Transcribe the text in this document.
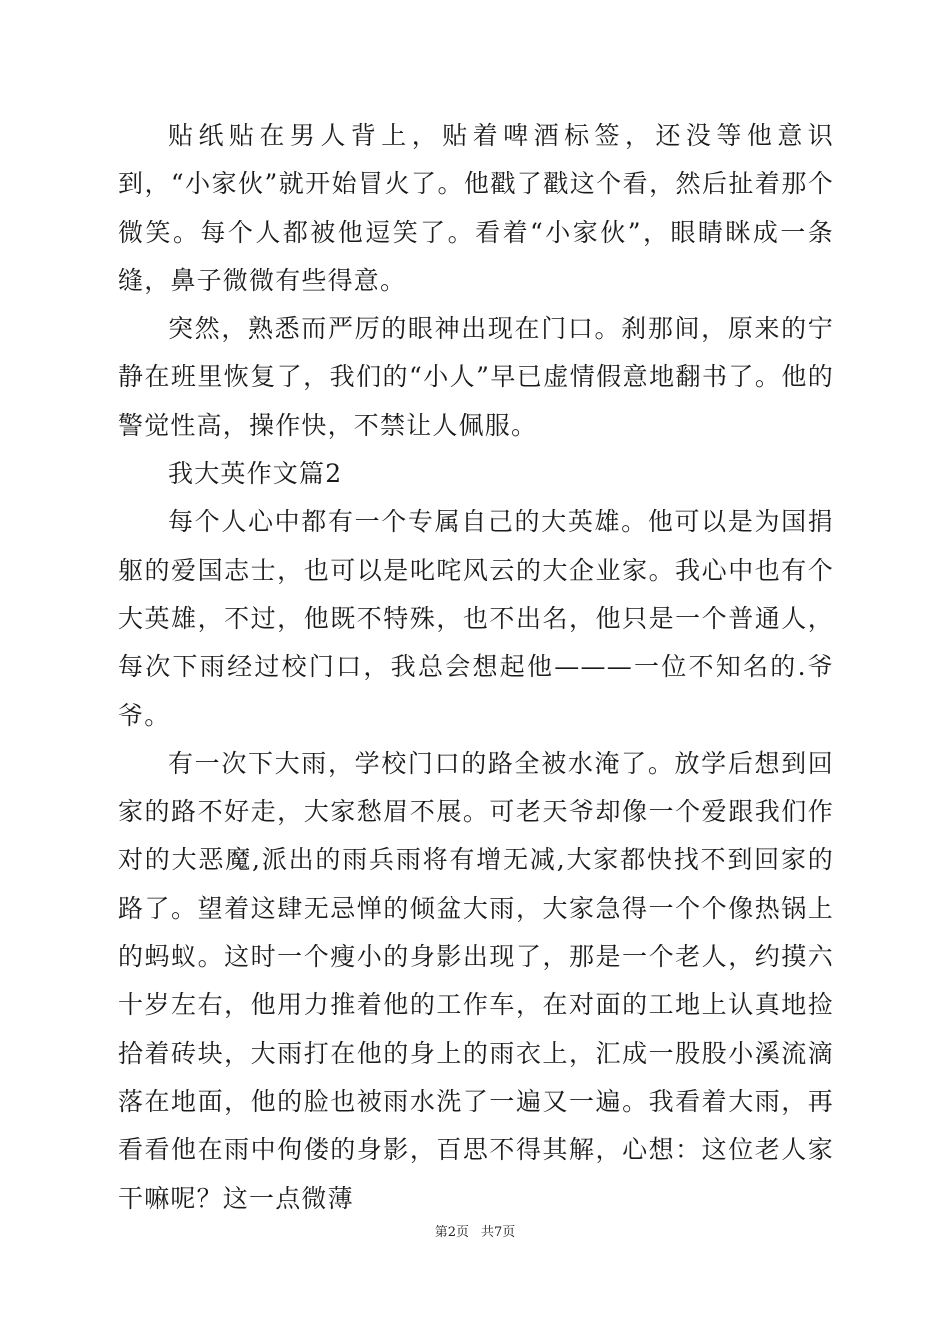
贴纸贴在男人背上，贴着啤酒标签，还没等他意识到，“小家伙”就开始冒火了。他戳了戳这个看，然后扯着那个微笑。每个人都被他逗笑了。看着“小家伙”，眼睛眯成一条缝，鼻子微微有些得意。

突然，熟悉而严厉的眼神出现在门口。刹那间，原来的宁静在班里恢复了，我们的“小人”早已虚情假意地翻书了。他的警觉性高，操作快，不禁让人佩服。

我大英作文篇2

每个人心中都有一个专属自己的大英雄。他可以是为国捐躯的爱国志士，也可以是叱咤风云的大企业家。我心中也有个大英雄，不过，他既不特殊，也不出名，他只是一个普通人，每次下雨经过校门口，我总会想起他———一位不知名的.爷爷。

有一次下大雨，学校门口的路全被水淹了。放学后想到回家的路不好走，大家愁眉不展。可老天爷却像一个爱跟我们作对的大恶魔,派出的雨兵雨将有增无减,大家都快找不到回家的路了。望着这肆无忌惮的倾盆大雨，大家急得一个个像热锅上的蚂蚁。这时一个瘦小的身影出现了，那是一个老人，约摸六十岁左右，他用力推着他的工作车，在对面的工地上认真地捡拾着砖块，大雨打在他的身上的雨衣上，汇成一股股小溪流滴落在地面，他的脸也被雨水洗了一遍又一遍。我看着大雨，再看看他在雨中佝偻的身影，百思不得其解，心想：这位老人家干嘛呢？这一点微薄

第2页 共7页
